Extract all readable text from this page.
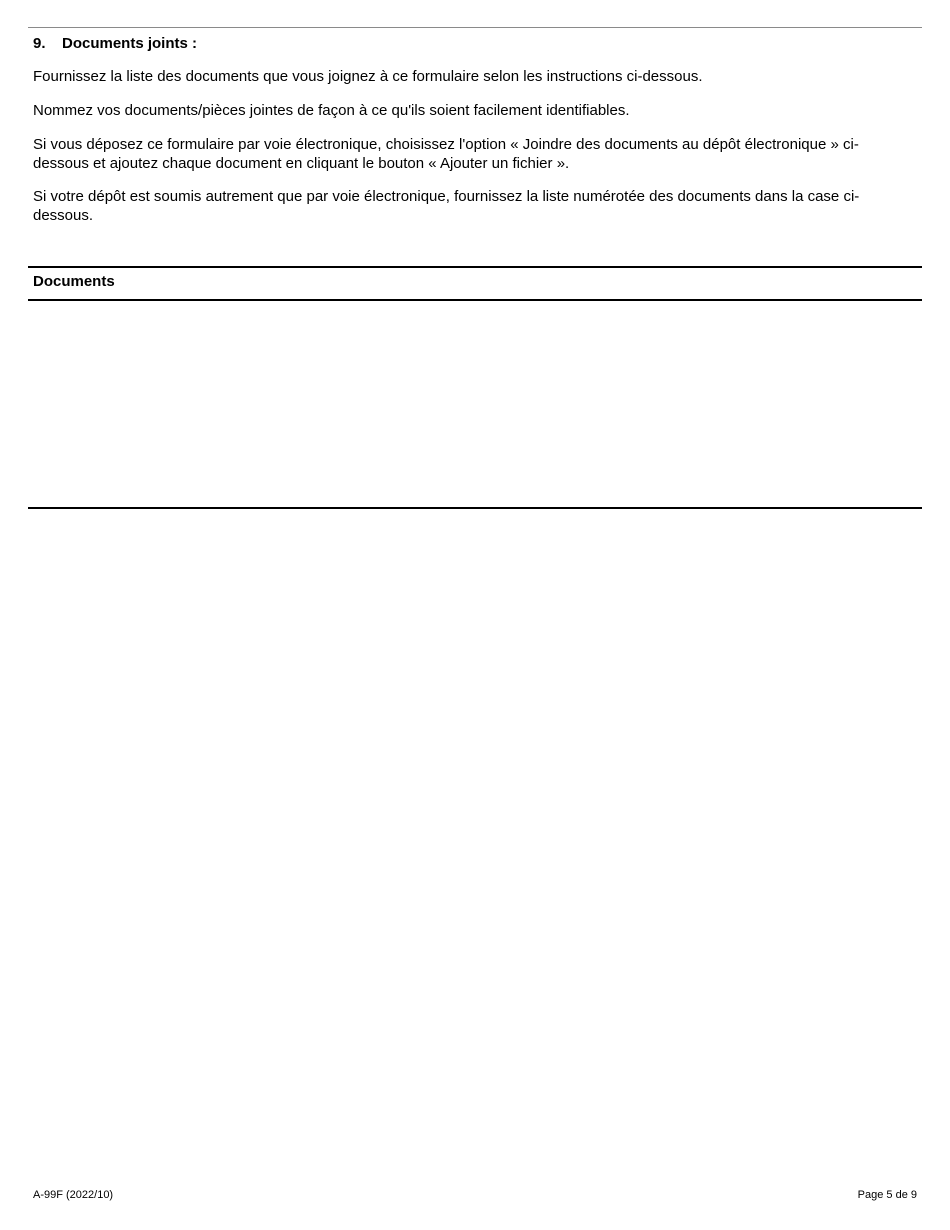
9. Documents joints :
Fournissez la liste des documents que vous joignez à ce formulaire selon les instructions ci-dessous.
Nommez vos documents/pièces jointes de façon à ce qu'ils soient facilement identifiables.
Si vous déposez ce formulaire par voie électronique, choisissez l'option « Joindre des documents au dépôt électronique » ci-dessous et ajoutez chaque document en cliquant le bouton « Ajouter un fichier ».
Si votre dépôt est soumis autrement que par voie électronique, fournissez la liste numérotée des documents dans la case ci-dessous.
Documents
A-99F (2022/10)	Page 5 de 9
